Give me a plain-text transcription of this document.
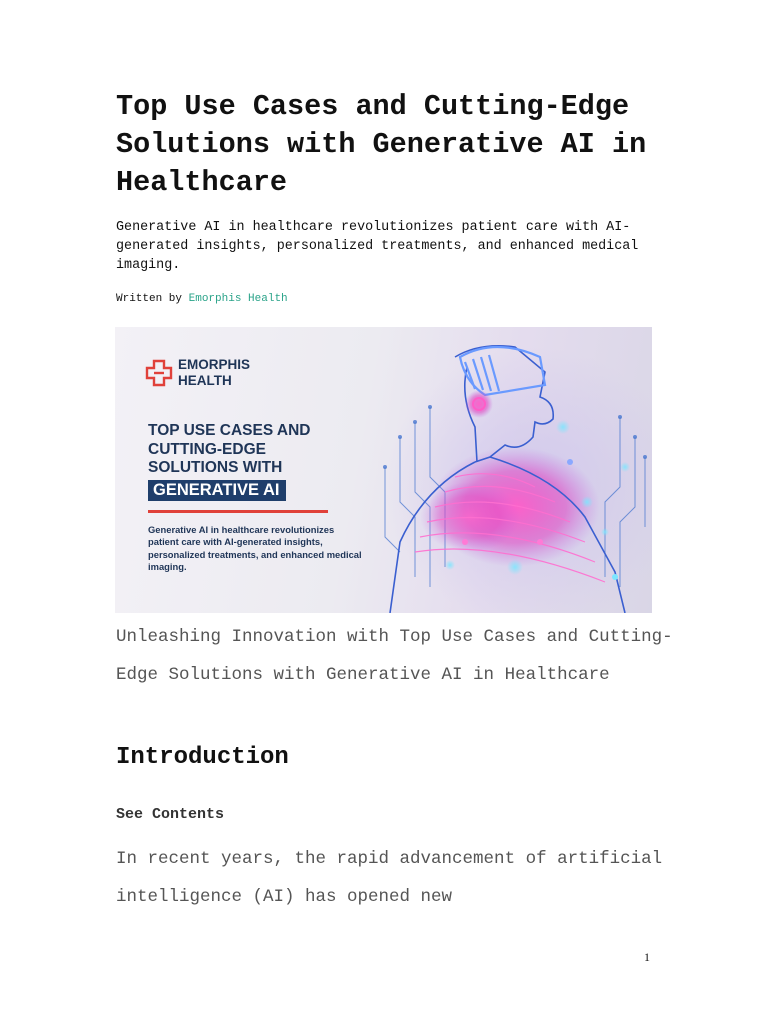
Top Use Cases and Cutting-Edge Solutions with Generative AI in Healthcare

Generative AI in healthcare revolutionizes patient care with AI-generated insights, personalized treatments, and enhanced medical imaging.

Written by Emorphis Health
EMORPHIS
HEALTH
TOP USE CASES AND
CUTTING-EDGE
SOLUTIONS WITH
GENERATIVE AI
Generative AI in healthcare revolutionizes patient care with AI-generated insights, personalized treatments, and enhanced medical imaging.

Unleashing Innovation with Top Use Cases and Cutting-Edge Solutions with Generative AI in Healthcare

Introduction

See Contents

In recent years, the rapid advancement of artificial intelligence (AI) has opened new

1
